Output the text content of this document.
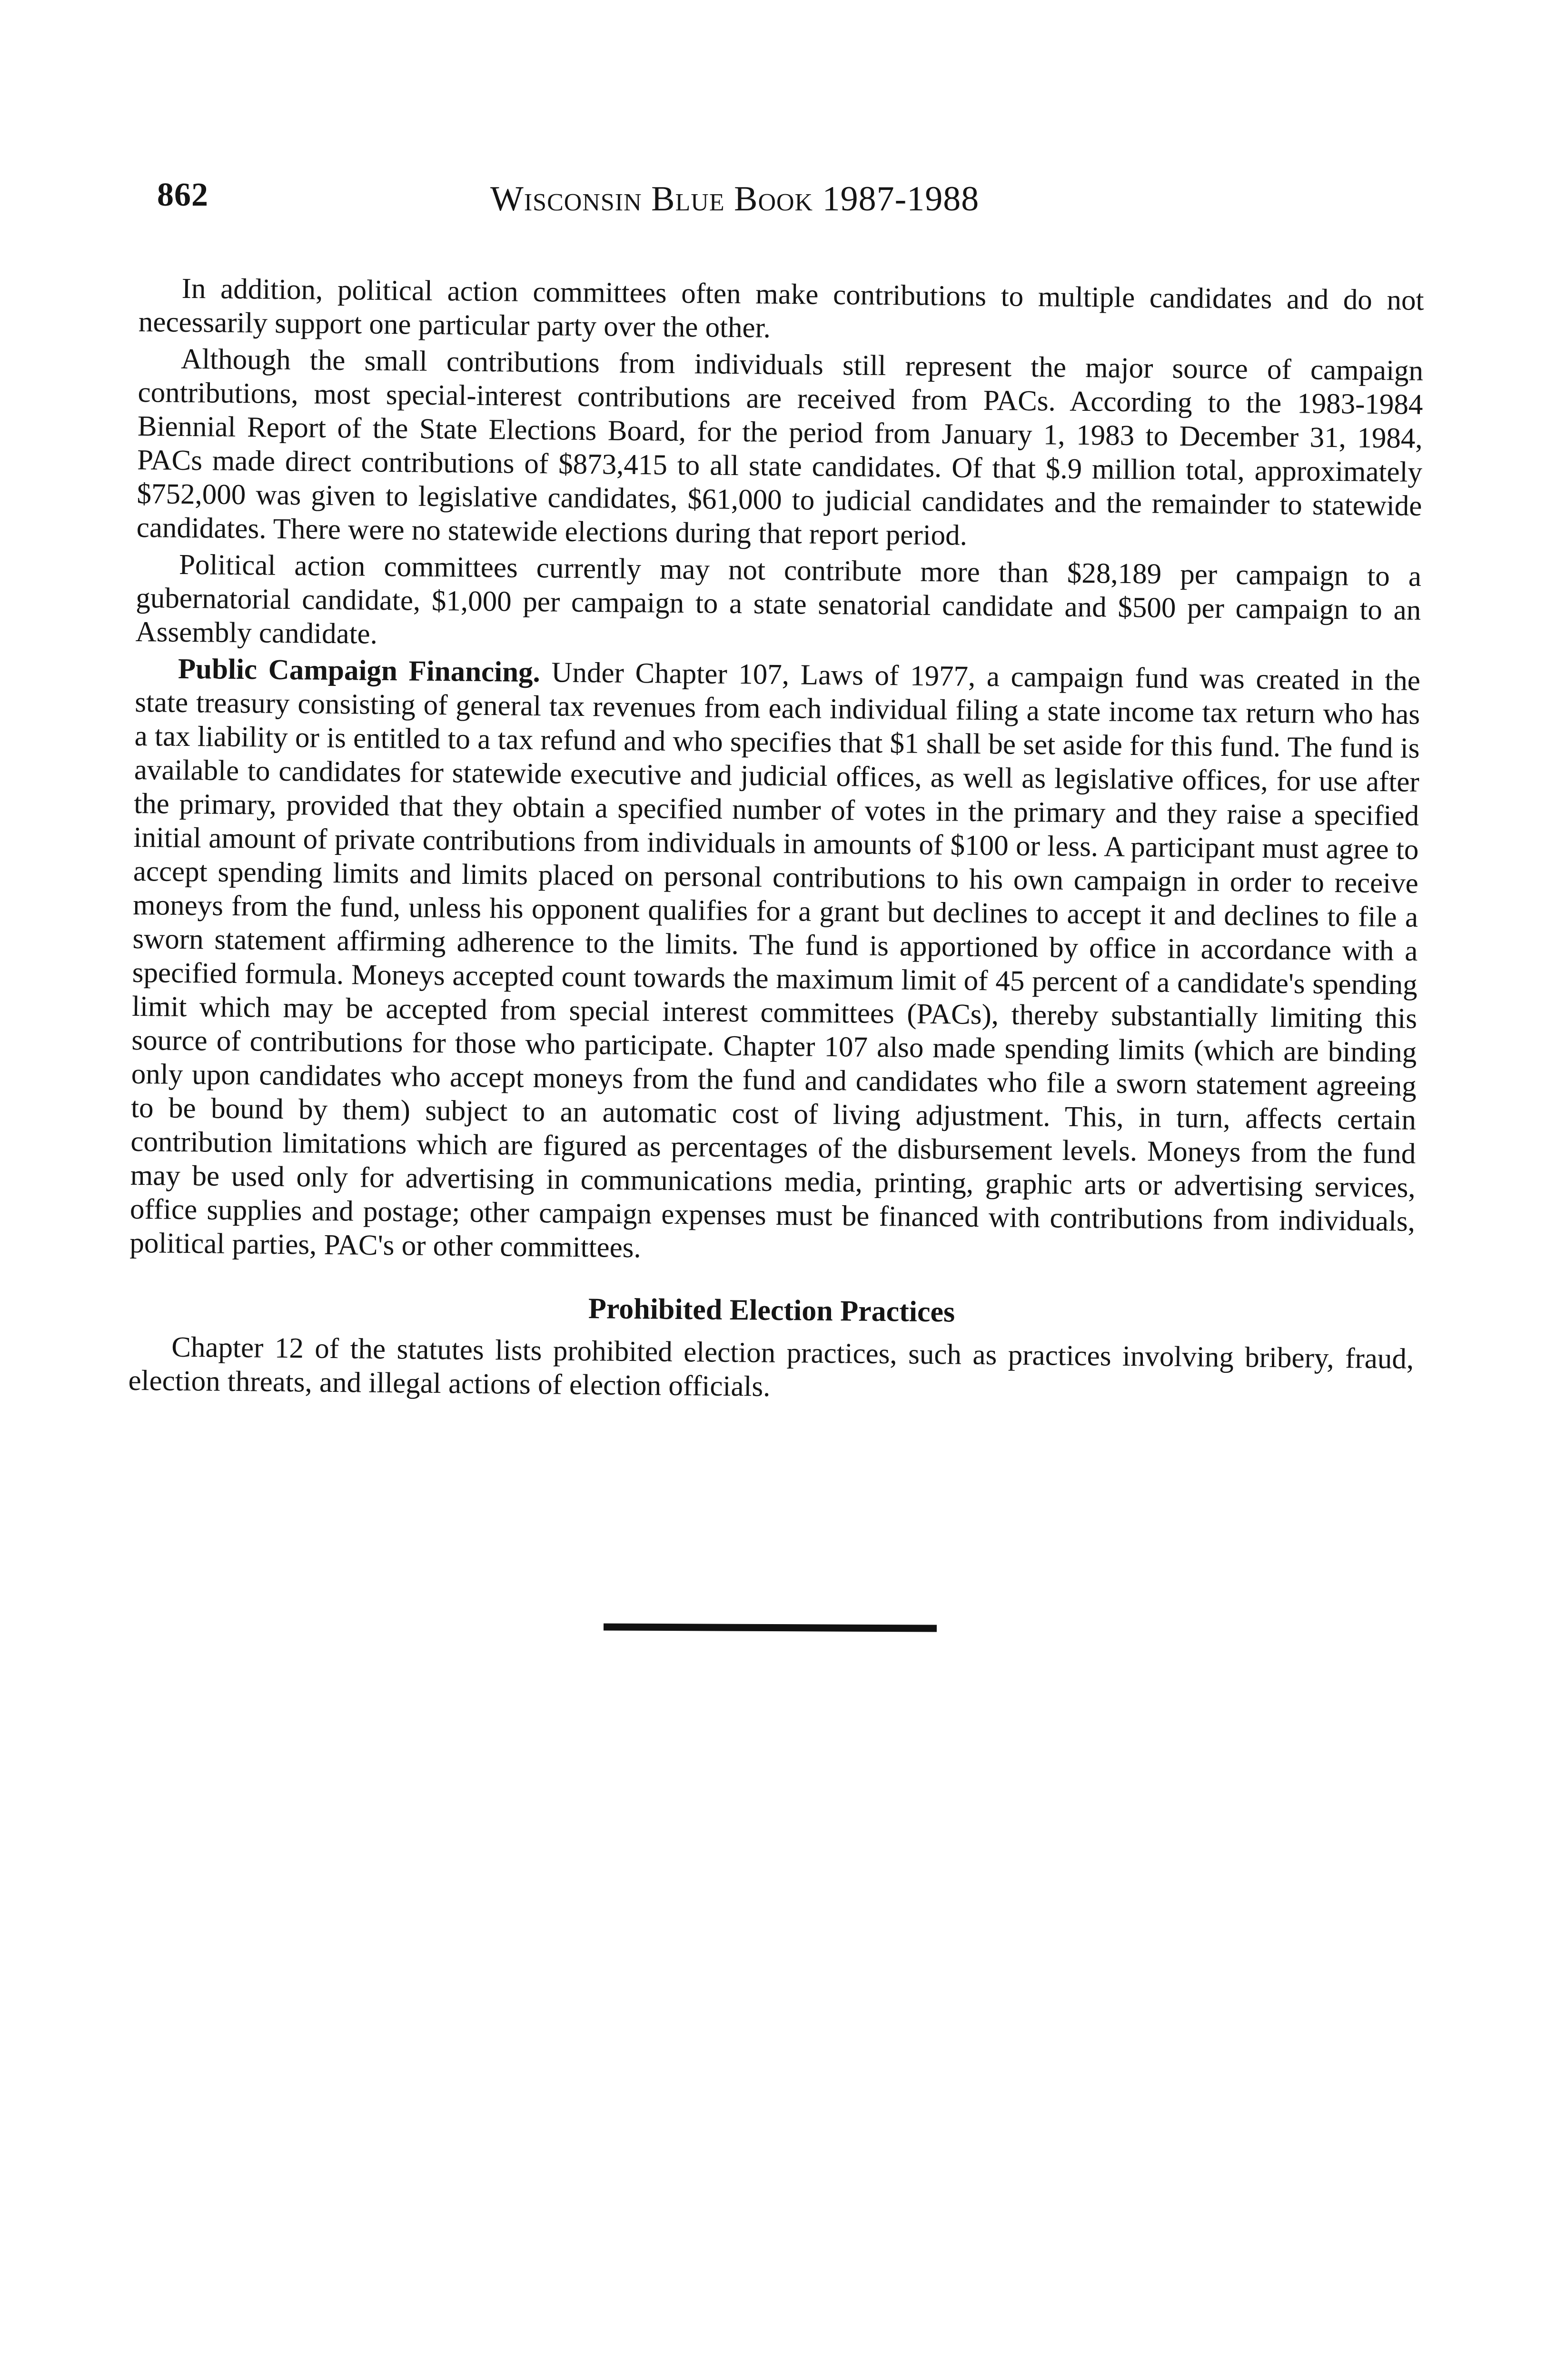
862	Wisconsin Blue Book 1987-1988

In addition, political action committees often make contributions to multiple candidates and do not necessarily support one particular party over the other.

Although the small contributions from individuals still represent the major source of campaign contributions, most special-interest contributions are received from PACs. According to the 1983-1984 Biennial Report of the State Elections Board, for the period from January 1, 1983 to December 31, 1984, PACs made direct contributions of $873,415 to all state candidates. Of that $.9 million total, approximately $752,000 was given to legislative candidates, $61,000 to judicial candidates and the remainder to statewide candidates. There were no statewide elections during that report period.

Political action committees currently may not contribute more than $28,189 per campaign to a gubernatorial candidate, $1,000 per campaign to a state senatorial candidate and $500 per campaign to an Assembly candidate.

Public Campaign Financing. Under Chapter 107, Laws of 1977, a campaign fund was created in the state treasury consisting of general tax revenues from each individual filing a state income tax return who has a tax liability or is entitled to a tax refund and who specifies that $1 shall be set aside for this fund. The fund is available to candidates for statewide executive and judicial offices, as well as legislative offices, for use after the primary, provided that they obtain a specified number of votes in the primary and they raise a specified initial amount of private contributions from individuals in amounts of $100 or less. A participant must agree to accept spending limits and limits placed on personal contributions to his own campaign in order to receive moneys from the fund, unless his opponent qualifies for a grant but declines to accept it and declines to file a sworn statement affirming adherence to the limits. The fund is apportioned by office in accordance with a specified formula. Moneys accepted count towards the maximum limit of 45 percent of a candidate's spending limit which may be accepted from special interest committees (PACs), thereby substantially limiting this source of contributions for those who participate. Chapter 107 also made spending limits (which are binding only upon candidates who accept moneys from the fund and candidates who file a sworn statement agreeing to be bound by them) subject to an automatic cost of living adjustment. This, in turn, affects certain contribution limitations which are figured as percentages of the disbursement levels. Moneys from the fund may be used only for advertising in communications media, printing, graphic arts or advertising services, office supplies and postage; other campaign expenses must be financed with contributions from individuals, political parties, PAC's or other committees.

Prohibited Election Practices

Chapter 12 of the statutes lists prohibited election practices, such as practices involving bribery, fraud, election threats, and illegal actions of election officials.
